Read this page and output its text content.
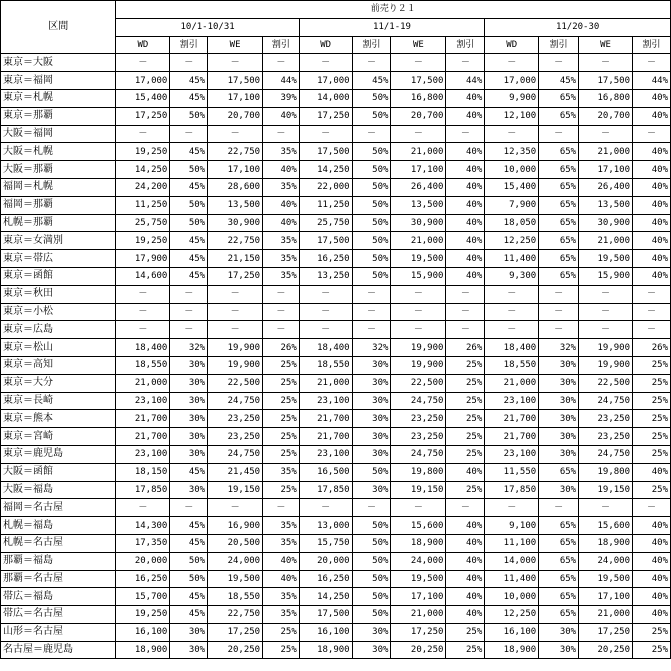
区間	前売り２１											
	10/1-10/31				11/1-19				11/20-30			
	WD	割引	WE	割引	WD	割引	WE	割引	WD	割引	WE	割引
東京＝大阪	－	－	－	－	－	－	－	－	－	－	－	－
東京＝福岡	17,000	45%	17,500	44%	17,000	45%	17,500	44%	17,000	45%	17,500	44%
東京＝札幌	15,400	45%	17,100	39%	14,000	50%	16,800	40%	9,900	65%	16,800	40%
東京＝那覇	17,250	50%	20,700	40%	17,250	50%	20,700	40%	12,100	65%	20,700	40%
大阪＝福岡	－	－	－	－	－	－	－	－	－	－	－	－
大阪＝札幌	19,250	45%	22,750	35%	17,500	50%	21,000	40%	12,350	65%	21,000	40%
大阪＝那覇	14,250	50%	17,100	40%	14,250	50%	17,100	40%	10,000	65%	17,100	40%
福岡＝札幌	24,200	45%	28,600	35%	22,000	50%	26,400	40%	15,400	65%	26,400	40%
福岡＝那覇	11,250	50%	13,500	40%	11,250	50%	13,500	40%	7,900	65%	13,500	40%
札幌＝那覇	25,750	50%	30,900	40%	25,750	50%	30,900	40%	18,050	65%	30,900	40%
東京＝女満別	19,250	45%	22,750	35%	17,500	50%	21,000	40%	12,250	65%	21,000	40%
東京＝帯広	17,900	45%	21,150	35%	16,250	50%	19,500	40%	11,400	65%	19,500	40%
東京＝函館	14,600	45%	17,250	35%	13,250	50%	15,900	40%	9,300	65%	15,900	40%
東京＝秋田	－	－	－	－	－	－	－	－	－	－	－	－
東京＝小松	－	－	－	－	－	－	－	－	－	－	－	－
東京＝広島	－	－	－	－	－	－	－	－	－	－	－	－
東京＝松山	18,400	32%	19,900	26%	18,400	32%	19,900	26%	18,400	32%	19,900	26%
東京＝高知	18,550	30%	19,900	25%	18,550	30%	19,900	25%	18,550	30%	19,900	25%
東京＝大分	21,000	30%	22,500	25%	21,000	30%	22,500	25%	21,000	30%	22,500	25%
東京＝長崎	23,100	30%	24,750	25%	23,100	30%	24,750	25%	23,100	30%	24,750	25%
東京＝熊本	21,700	30%	23,250	25%	21,700	30%	23,250	25%	21,700	30%	23,250	25%
東京＝宮崎	21,700	30%	23,250	25%	21,700	30%	23,250	25%	21,700	30%	23,250	25%
東京＝鹿児島	23,100	30%	24,750	25%	23,100	30%	24,750	25%	23,100	30%	24,750	25%
大阪＝函館	18,150	45%	21,450	35%	16,500	50%	19,800	40%	11,550	65%	19,800	40%
大阪＝福島	17,850	30%	19,150	25%	17,850	30%	19,150	25%	17,850	30%	19,150	25%
福岡＝名古屋	－	－	－	－	－	－	－	－	－	－	－	－
札幌＝福島	14,300	45%	16,900	35%	13,000	50%	15,600	40%	9,100	65%	15,600	40%
札幌＝名古屋	17,350	45%	20,500	35%	15,750	50%	18,900	40%	11,100	65%	18,900	40%
那覇＝福島	20,000	50%	24,000	40%	20,000	50%	24,000	40%	14,000	65%	24,000	40%
那覇＝名古屋	16,250	50%	19,500	40%	16,250	50%	19,500	40%	11,400	65%	19,500	40%
帯広＝福島	15,700	45%	18,550	35%	14,250	50%	17,100	40%	10,000	65%	17,100	40%
帯広＝名古屋	19,250	45%	22,750	35%	17,500	50%	21,000	40%	12,250	65%	21,000	40%
山形＝名古屋	16,100	30%	17,250	25%	16,100	30%	17,250	25%	16,100	30%	17,250	25%
名古屋＝鹿児島	18,900	30%	20,250	25%	18,900	30%	20,250	25%	18,900	30%	20,250	25%
